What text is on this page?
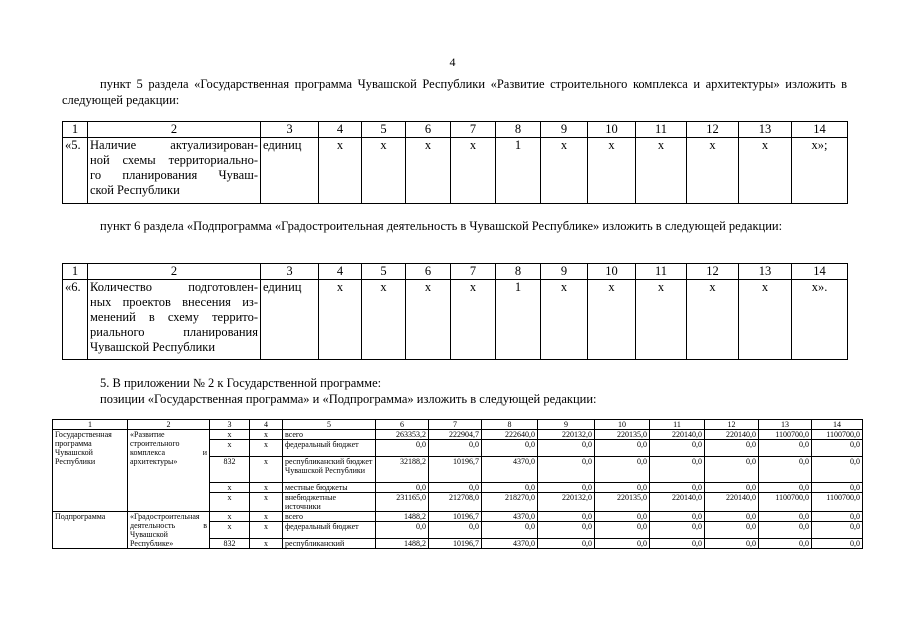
4
пункт 5 раздела «Государственная программа Чувашской Республики «Развитие строительного комплекса и архитектуры» изложить в следующей редакции:
1	2	3	4	5	6	7	8	9	10	11	12	13	14
«5.	Наличие актуализирован-
ной схемы территориально-
го планирования Чуваш-

ской Республики	единиц	x	x	x	x	1	x	x	x	x	x	x»;
пункт 6 раздела «Подпрограмма «Градостроительная деятельность в Чувашской Республике» изложить в следующей редакции:
1	2	3	4	5	6	7	8	9	10	11	12	13	14
«6.	Количество подготовлен-
ных проектов внесения из-
менений в схему террито-
риального планирования

Чувашской Республики	единиц	x	x	x	x	1	x	x	x	x	x	x».
5. В приложении № 2 к Государственной программе:
позиции «Государственная программа» и «Подпрограмма» изложить в следующей редакции:
1	2	3	4	5	6	7	8	9	10	11	12	13	14
Государственная программа Чувашской Республики	«Развитие строительного комплекса и архитектуры»	x	x	всего	263353,2	222904,7	222640,0	220132,0	220135,0	220140,0	220140,0	1100700,0	1100700,0
		x	x	федеральный бюджет	0,0	0,0	0,0	0,0	0,0	0,0	0,0	0,0	0,0
		832	x	республиканский бюджет Чувашской Республики	32188,2	10196,7	4370,0	0,0	0,0	0,0	0,0	0,0	0,0
		x	x	местные бюджеты	0,0	0,0	0,0	0,0	0,0	0,0	0,0	0,0	0,0
		x	x	внебюджетные источники	231165,0	212708,0	218270,0	220132,0	220135,0	220140,0	220140,0	1100700,0	1100700,0
Подпрограмма	«Градостроительная деятельность в Чувашской Республике»	x	x	всего	1488,2	10196,7	4370,0	0,0	0,0	0,0	0,0	0,0	0,0
		x	x	федеральный бюджет	0,0	0,0	0,0	0,0	0,0	0,0	0,0	0,0	0,0
		832	x	республиканский	1488,2	10196,7	4370,0	0,0	0,0	0,0	0,0	0,0	0,0
